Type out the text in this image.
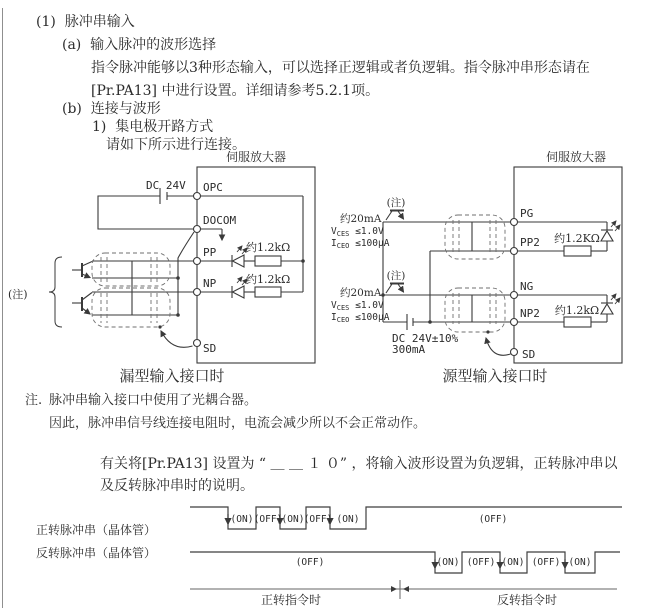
(1)  脉冲串输入
(a)  输入脉冲的波形选择
指令脉冲能够以3种形态输入，可以选择正逻辑或者负逻辑。指令脉冲串形态请在
[Pr.PA13] 中进行设置。详细请参考5.2.1项。
(b)  连接与波形
1)  集电极开路方式
请如下所示进行连接。
注. 脉冲串输入接口中使用了光耦合器。
因此，脉冲串信号线连接电阻时，电流会减少所以不会正常动作。
有关将[Pr.PA13] 设置为 “ ＿ ＿ １ ０” ，将输入波形设置为负逻辑，正转脉冲串以
及反转脉冲串时的说明。
正转脉冲串（晶体管）
反转脉冲串（晶体管）
伺服放大器
DC 24V OPC
DOCOM
PP
NP
SD
约1.2kΩ
约1.2kΩ
(注)
漏型输入接口时
伺服放大器
PG
PP2
NG
NP2
SD
(注)
(注)
约20mA
$V_{CES} \le 1.0V$
$I_{CEO} \le 100\mu A$
约20mA
$V_{CES} \le 1.0V$
$I_{CEO} \le 100\mu A$
DC 24V±10%
300mA
约1.2KΩ
约1.2kΩ
源型输入接口时
(ON) (OFF) (ON) (OFF) (ON)	(OFF)
(OFF)	(ON) (OFF) (ON) (OFF) (ON)
正转指令时	反转指令时
